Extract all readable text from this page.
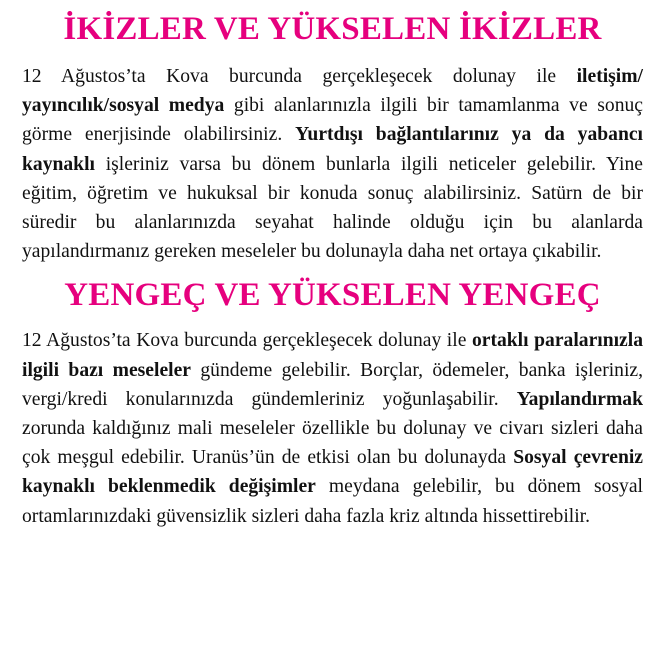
İKİZLER VE YÜKSELEN İKİZLER

12 Ağustos’ta Kova burcunda gerçekleşecek dolunay ile iletişim/ yayıncılık/sosyal medya gibi alanlarınızla ilgili bir tamamlanma ve sonuç görme enerjisinde olabilirsiniz. Yurtdışı bağlantılarınız ya da yabancı kaynaklı işleriniz varsa bu dönem bunlarla ilgili neticeler gelebilir. Yine eğitim, öğretim ve hukuksal bir konuda sonuç alabilirsiniz. Satürn de bir süredir bu alanlarınızda seyahat halinde olduğu için bu alanlarda yapılandırmanız gereken meseleler bu dolunayla daha net ortaya çıkabilir.

YENGEÇ VE YÜKSELEN YENGEÇ

12 Ağustos’ta Kova burcunda gerçekleşecek dolunay ile ortaklı paralarınızla ilgili bazı meseleler gündeme gelebilir. Borçlar, ödemeler, banka işleriniz, vergi/kredi konularınızda gündemleriniz yoğunlaşabilir. Yapılandırmak zorunda kaldığınız mali meseleler özellikle bu dolunay ve civarı sizleri daha çok meşgul edebilir. Uranüs’ün de etkisi olan bu dolunayda Sosyal çevreniz kaynaklı beklenmedik değişimler meydana gelebilir, bu dönem sosyal ortamlarınızdaki güvensizlik sizleri daha fazla kriz altında hissettirebilir.
